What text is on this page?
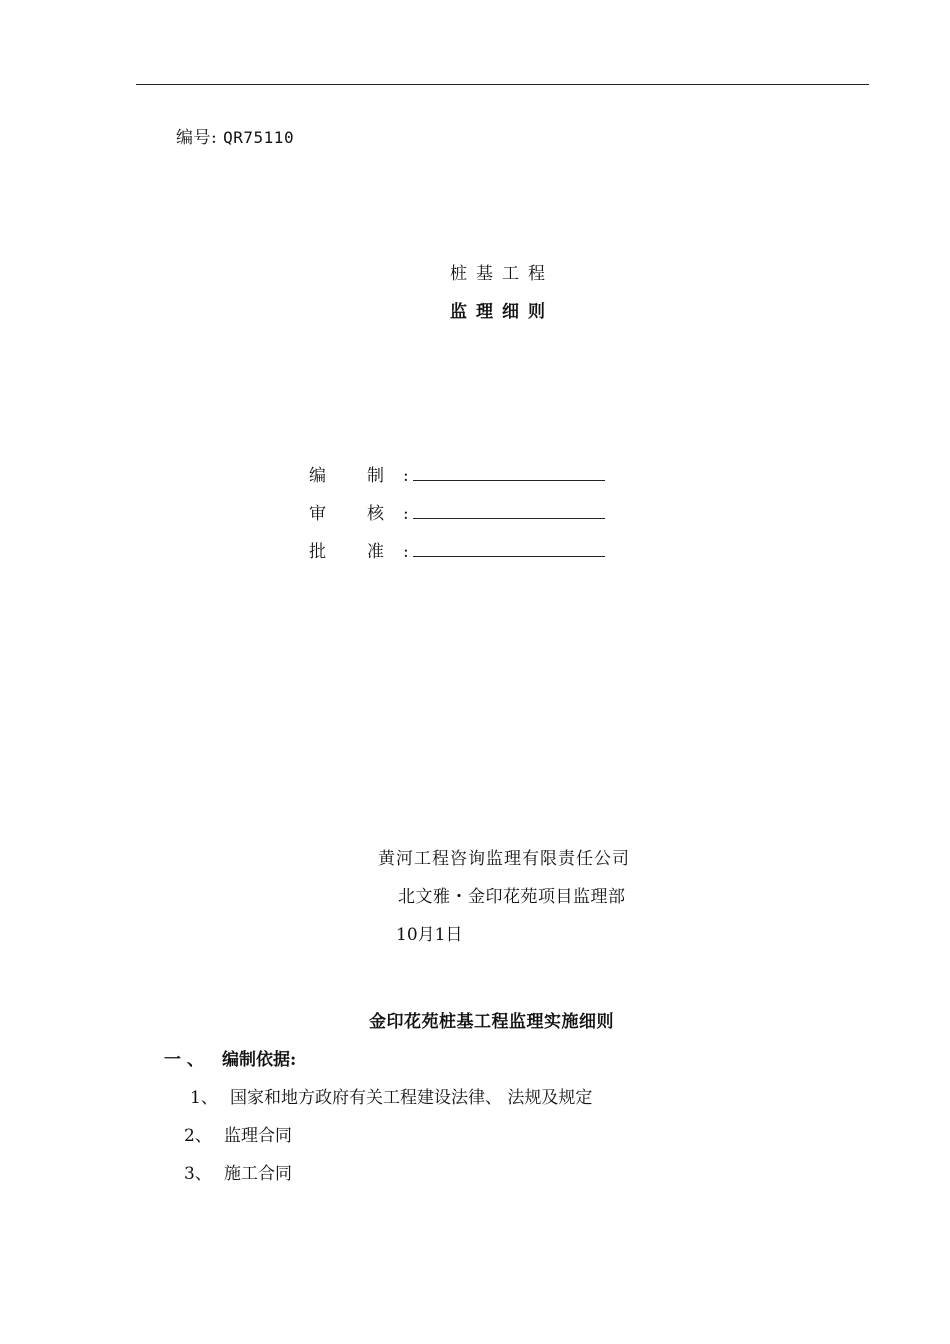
编号: QR75110
桩基工程
监理细则
编 制 :
审 核 :
批 准 :
黄河工程咨询监理有限责任公司
北文雅・金印花苑项目监理部
10月1日
金印花苑桩基工程监理实施细则
一 、 编制依据:
1、 国家和地方政府有关工程建设法律、 法规及规定
2、 监理合同
3、 施工合同
